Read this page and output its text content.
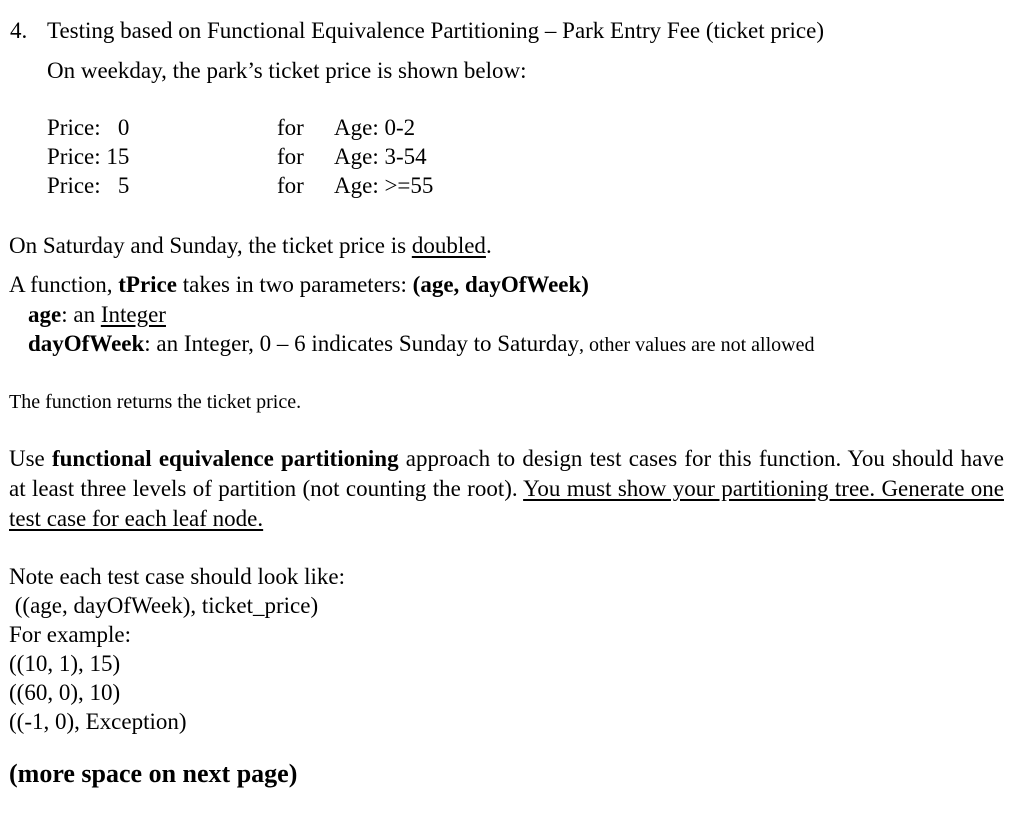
4. Testing based on Functional Equivalence Partitioning – Park Entry Fee (ticket price)
On weekday, the park’s ticket price is shown below:
Price:   0	for Age: 0-2
Price: 15	for Age: 3-54
Price:   5	for Age: >=55
On Saturday and Sunday, the ticket price is doubled.
A function, tPrice takes in two parameters: (age, dayOfWeek)
age: an Integer
dayOfWeek: an Integer, 0 – 6 indicates Sunday to Saturday, other values are not allowed
The function returns the ticket price.
Use functional equivalence partitioning approach to design test cases for this function. You should have at least three levels of partition (not counting the root). You must show your partitioning tree. Generate one test case for each leaf node.
Note each test case should look like:
((age, dayOfWeek), ticket_price)
For example:
((10, 1), 15)
((60, 0), 10)
((-1, 0), Exception)
(more space on next page)
